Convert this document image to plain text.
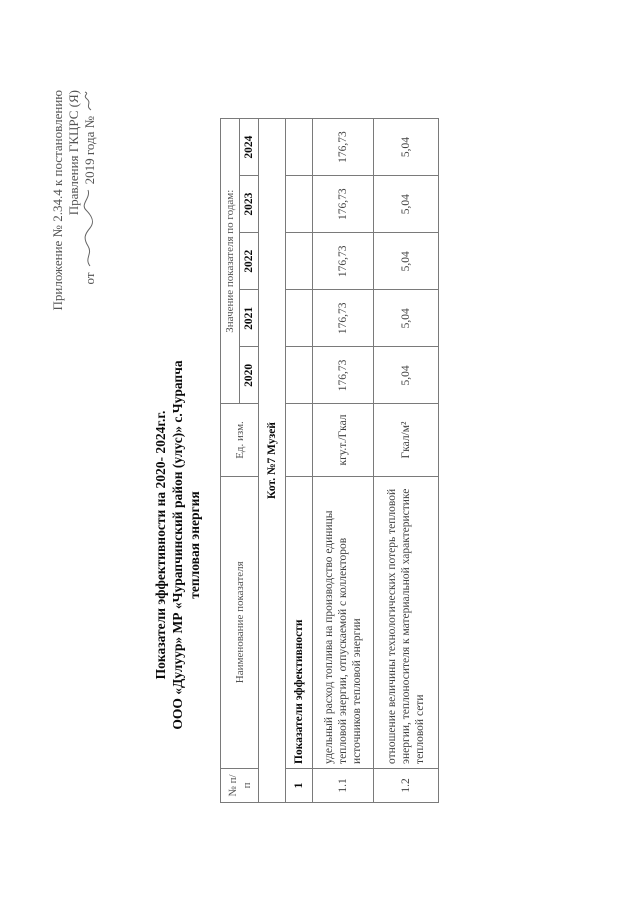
Приложение № 2.34.4 к постановлению Правления ГКЦРС (Я)
от
2019 года №
Показатели эффективности на 2020- 2024г.г. ООО «Дулуур» МР «Чурапчинский район (улус)» с.Чурапча тепловая энергия
№ п/п	Наименование показателя	Ед. изм.	Значение показателя по годам:				
			2020	2021	2022	2023	2024
Кот. №7 Музей							
1	Показатели эффективности						
1.1	удельный расход топлива на производство единицы тепловой энергии, отпускаемой с коллекторов источников тепловой энергии	кгу.т./Гкал	176,73	176,73	176,73	176,73	176,73
1.2	отношение величины технологических потерь тепловой энергии, теплоносителя к материальной характеристике тепловой сети	Гкал/м²	5,04	5,04	5,04	5,04	5,04
